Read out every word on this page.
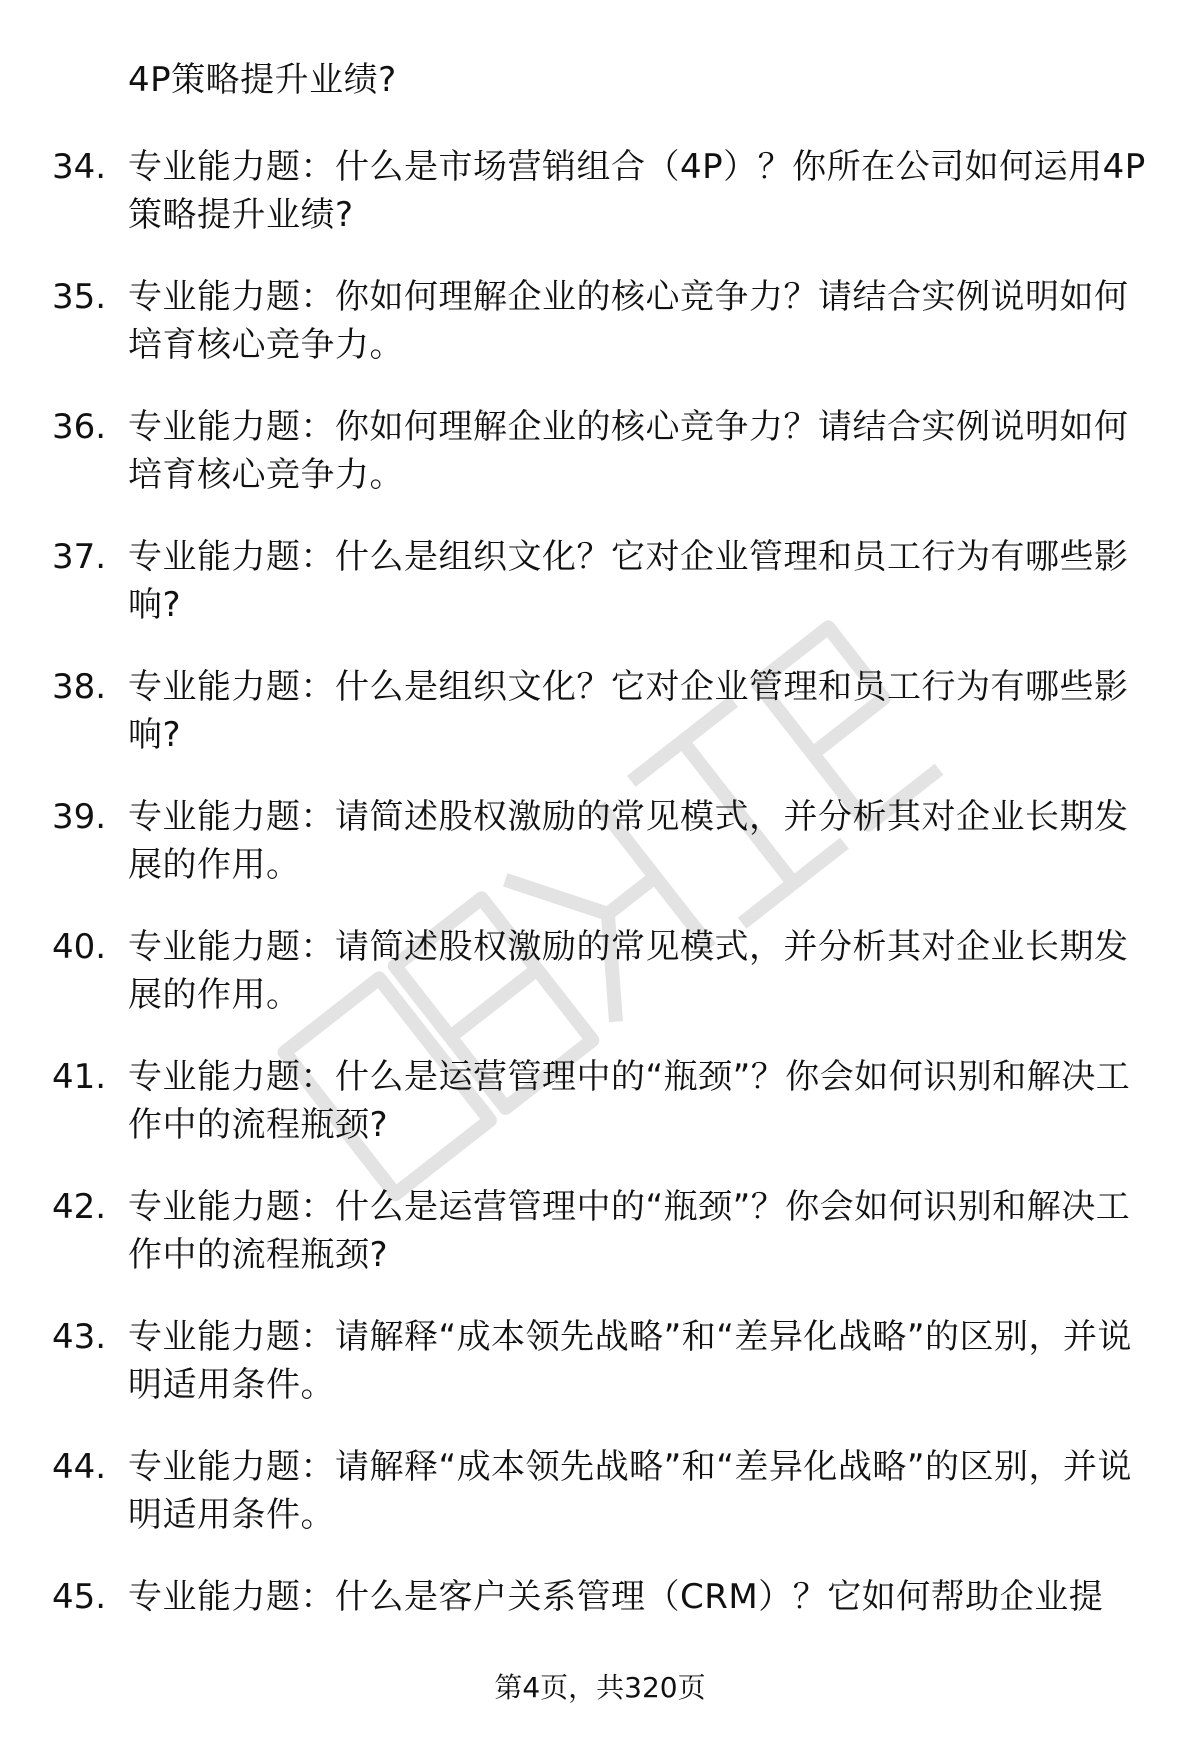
4P策略提升业绩?
34. 专业能力题：什么是市场营销组合（4P）？你所在公司如何运用4P策略提升业绩?
35. 专业能力题：你如何理解企业的核心竞争力？请结合实例说明如何培育核心竞争力。
36. 专业能力题：你如何理解企业的核心竞争力？请结合实例说明如何培育核心竞争力。
37. 专业能力题：什么是组织文化？它对企业管理和员工行为有哪些影响?
38. 专业能力题：什么是组织文化？它对企业管理和员工行为有哪些影响?
39. 专业能力题：请简述股权激励的常见模式，并分析其对企业长期发展的作用。
40. 专业能力题：请简述股权激励的常见模式，并分析其对企业长期发展的作用。
41. 专业能力题：什么是运营管理中的“瓶颈”？你会如何识别和解决工作中的流程瓶颈?
42. 专业能力题：什么是运营管理中的“瓶颈”？你会如何识别和解决工作中的流程瓶颈?
43. 专业能力题：请解释“成本领先战略”和“差异化战略”的区别，并说明适用条件。
44. 专业能力题：请解释“成本领先战略”和“差异化战略”的区别，并说明适用条件。
45. 专业能力题：什么是客户关系管理（CRM）？它如何帮助企业提
第4页，共320页
